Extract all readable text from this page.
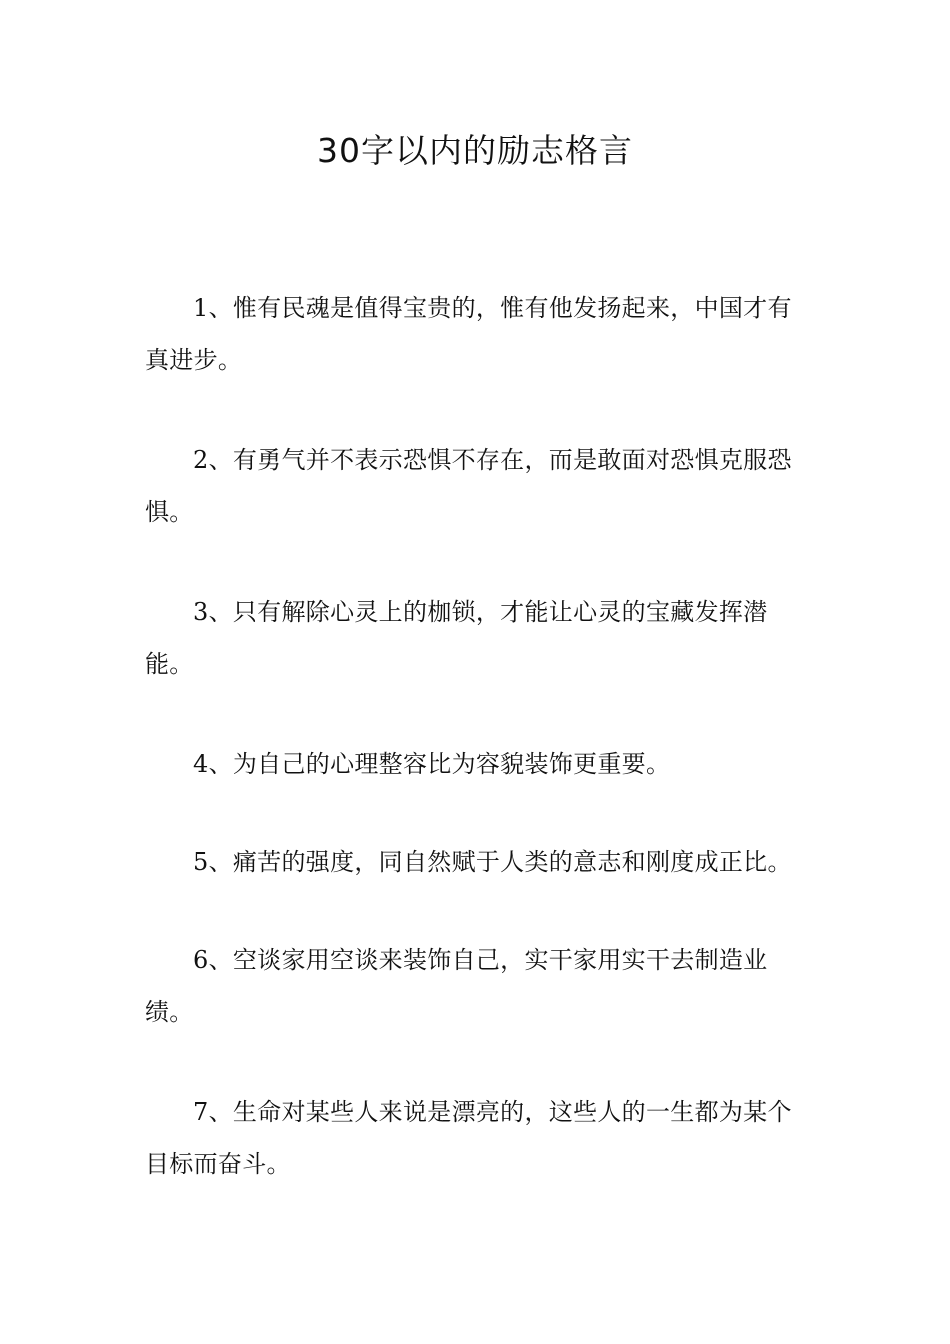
30字以内的励志格言
1、惟有民魂是值得宝贵的，惟有他发扬起来，中国才有真进步。
2、有勇气并不表示恐惧不存在，而是敢面对恐惧克服恐惧。
3、只有解除心灵上的枷锁，才能让心灵的宝藏发挥潜能。
4、为自己的心理整容比为容貌装饰更重要。
5、痛苦的强度，同自然赋于人类的意志和刚度成正比。
6、空谈家用空谈来装饰自己，实干家用实干去制造业绩。
7、生命对某些人来说是漂亮的，这些人的一生都为某个目标而奋斗。
